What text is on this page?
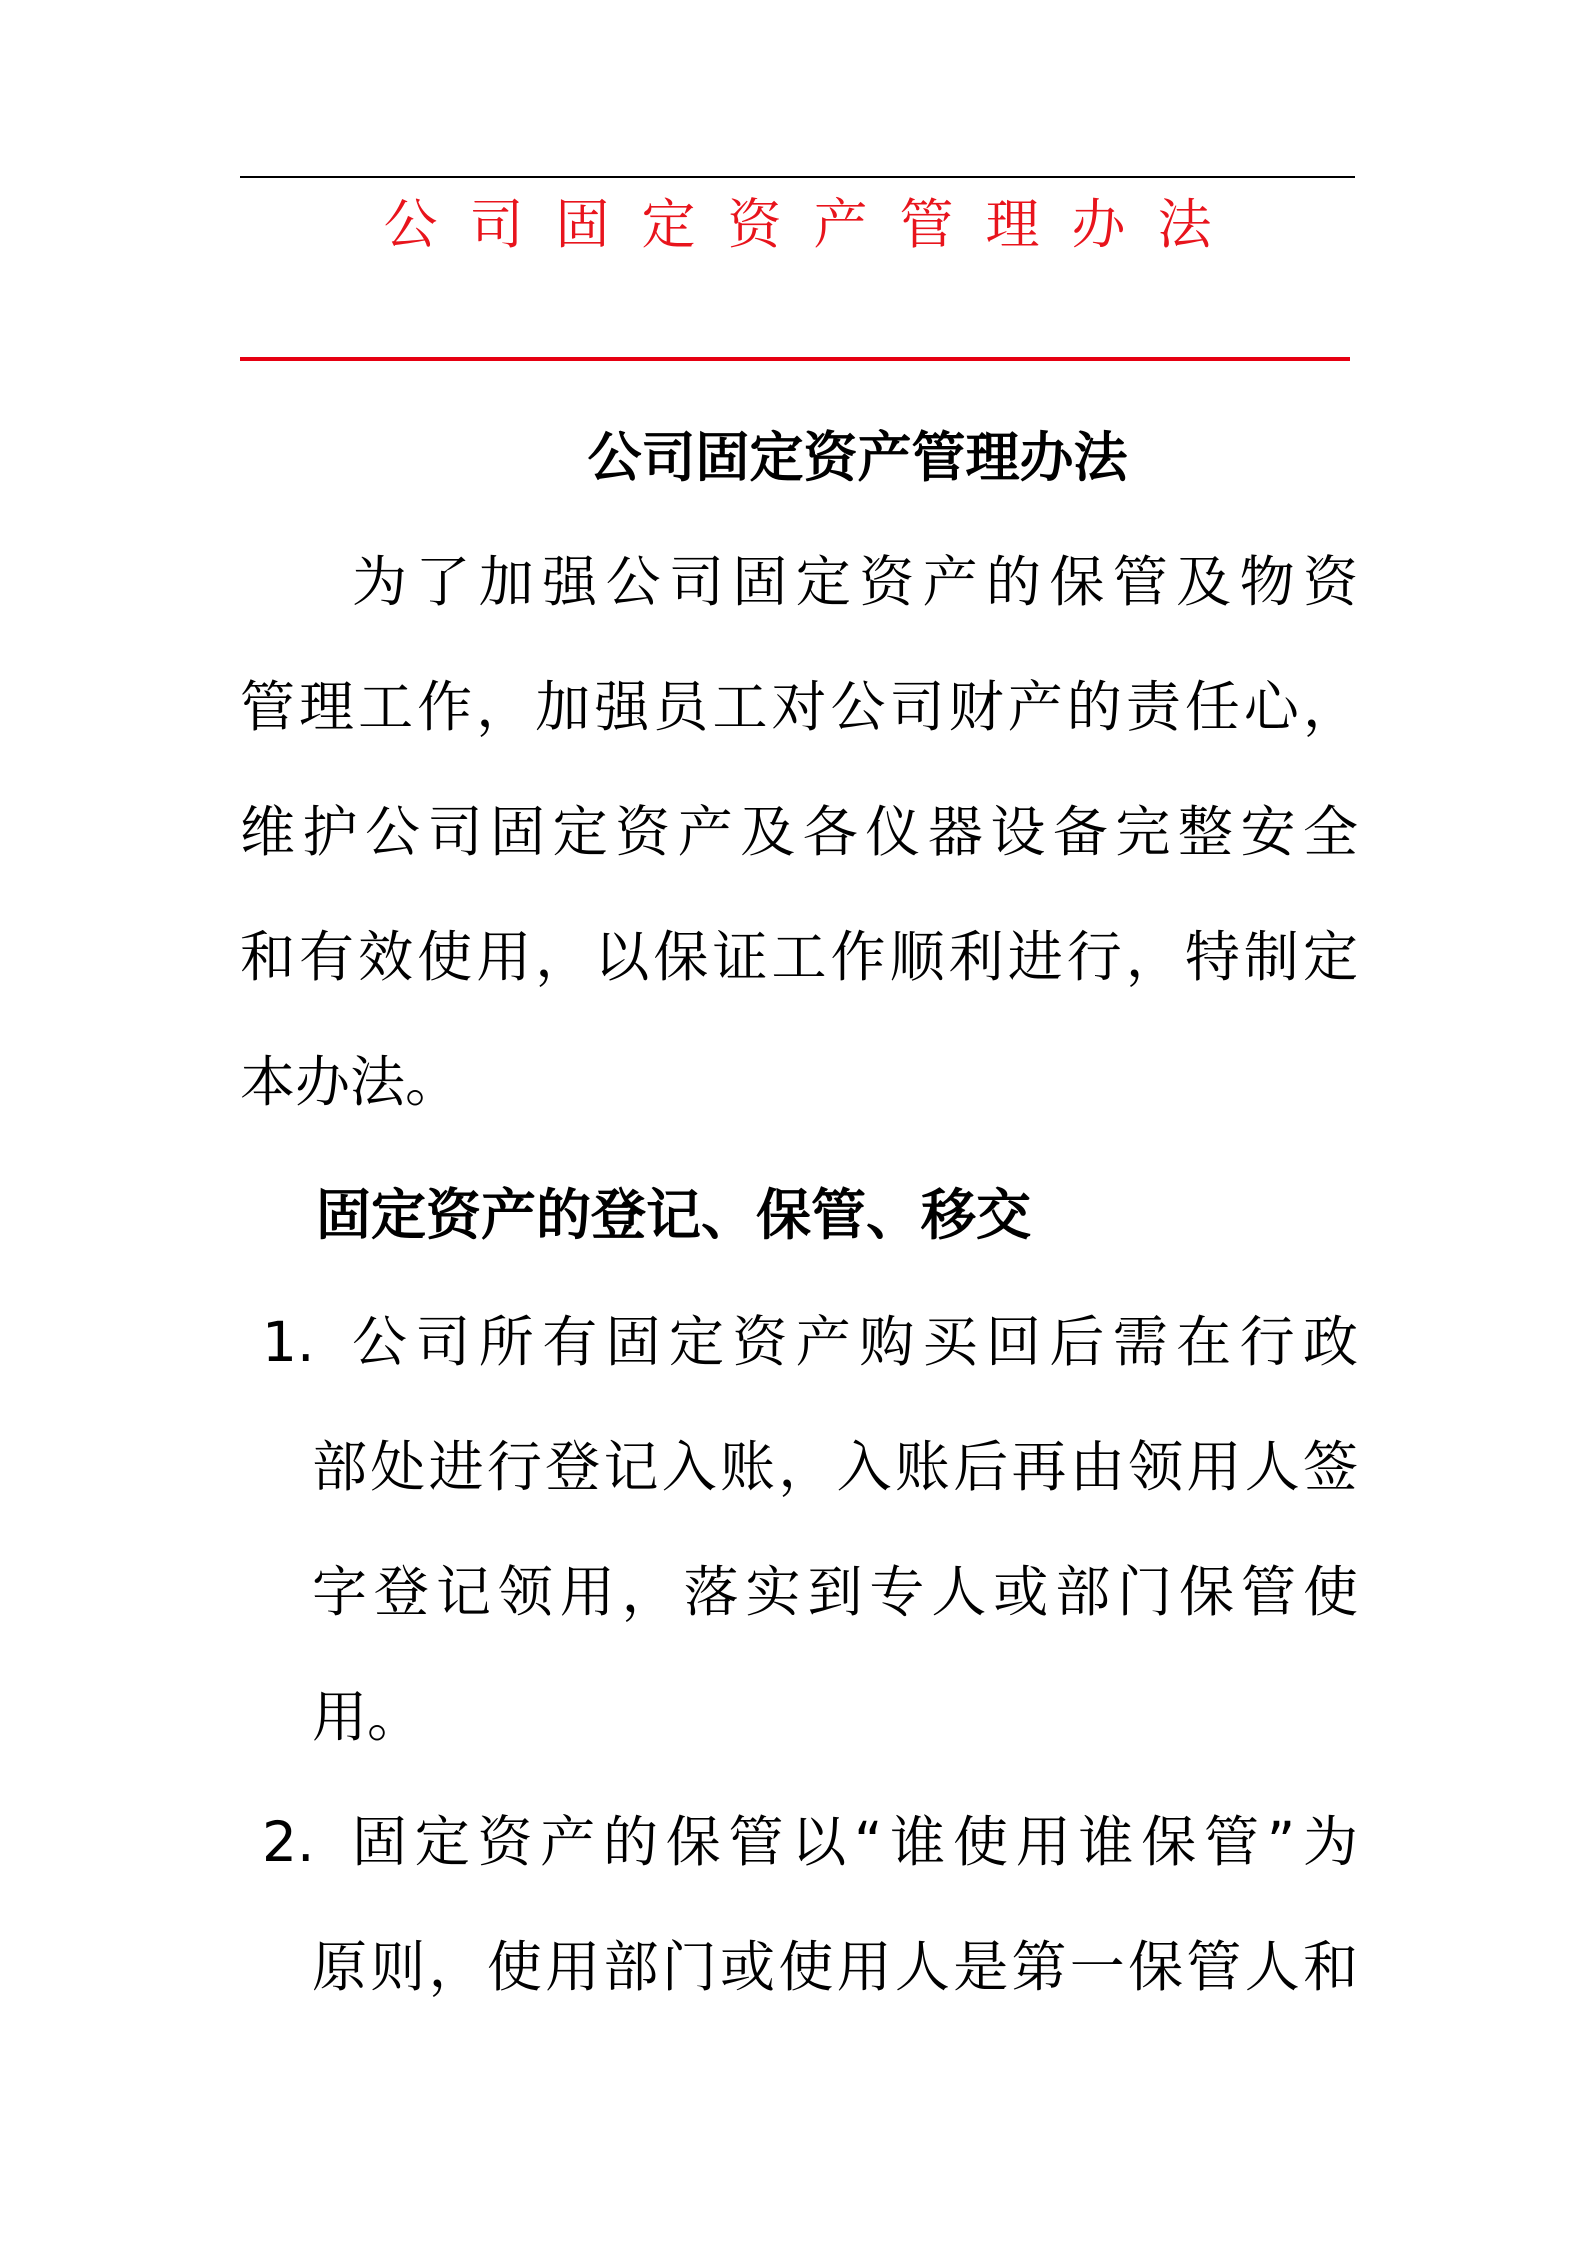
公司固定资产管理办法
公司固定资产管理办法
为了加强公司固定资产的保管及物资
管理工作，加强员工对公司财产的责任心，
维护公司固定资产及各仪器设备完整安全
和有效使用，以保证工作顺利进行，特制定
本办法。
固定资产的登记、保管、移交
1. 公司所有固定资产购买回后需在行政
部处进行登记入账，入账后再由领用人签
字登记领用，落实到专人或部门保管使
用。
2. 固定资产的保管以“谁使用谁保管”为
原则，使用部门或使用人是第一保管人和
